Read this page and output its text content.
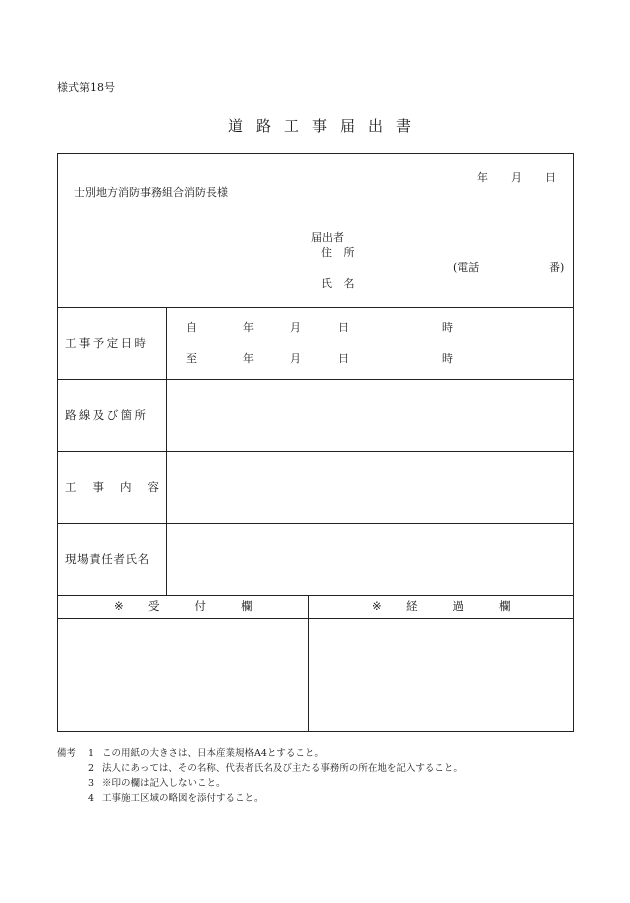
様式第18号
道路工事届出書
年 月 日
士別地方消防事務組合消防長様
届出者
住 所
(電話	番)
氏 名
工事予定日時
自	年	月	日	時
至	年	月	日	時
路線及び箇所
工事内容
現場責任者氏名
※ 受付欄	※ 経過欄
備考 1 この用紙の大きさは、日本産業規格A4とすること。
2 法人にあっては、その名称、代表者氏名及び主たる事務所の所在地を記入すること。
3 ※印の欄は記入しないこと。
4 工事施工区域の略図を添付すること。
